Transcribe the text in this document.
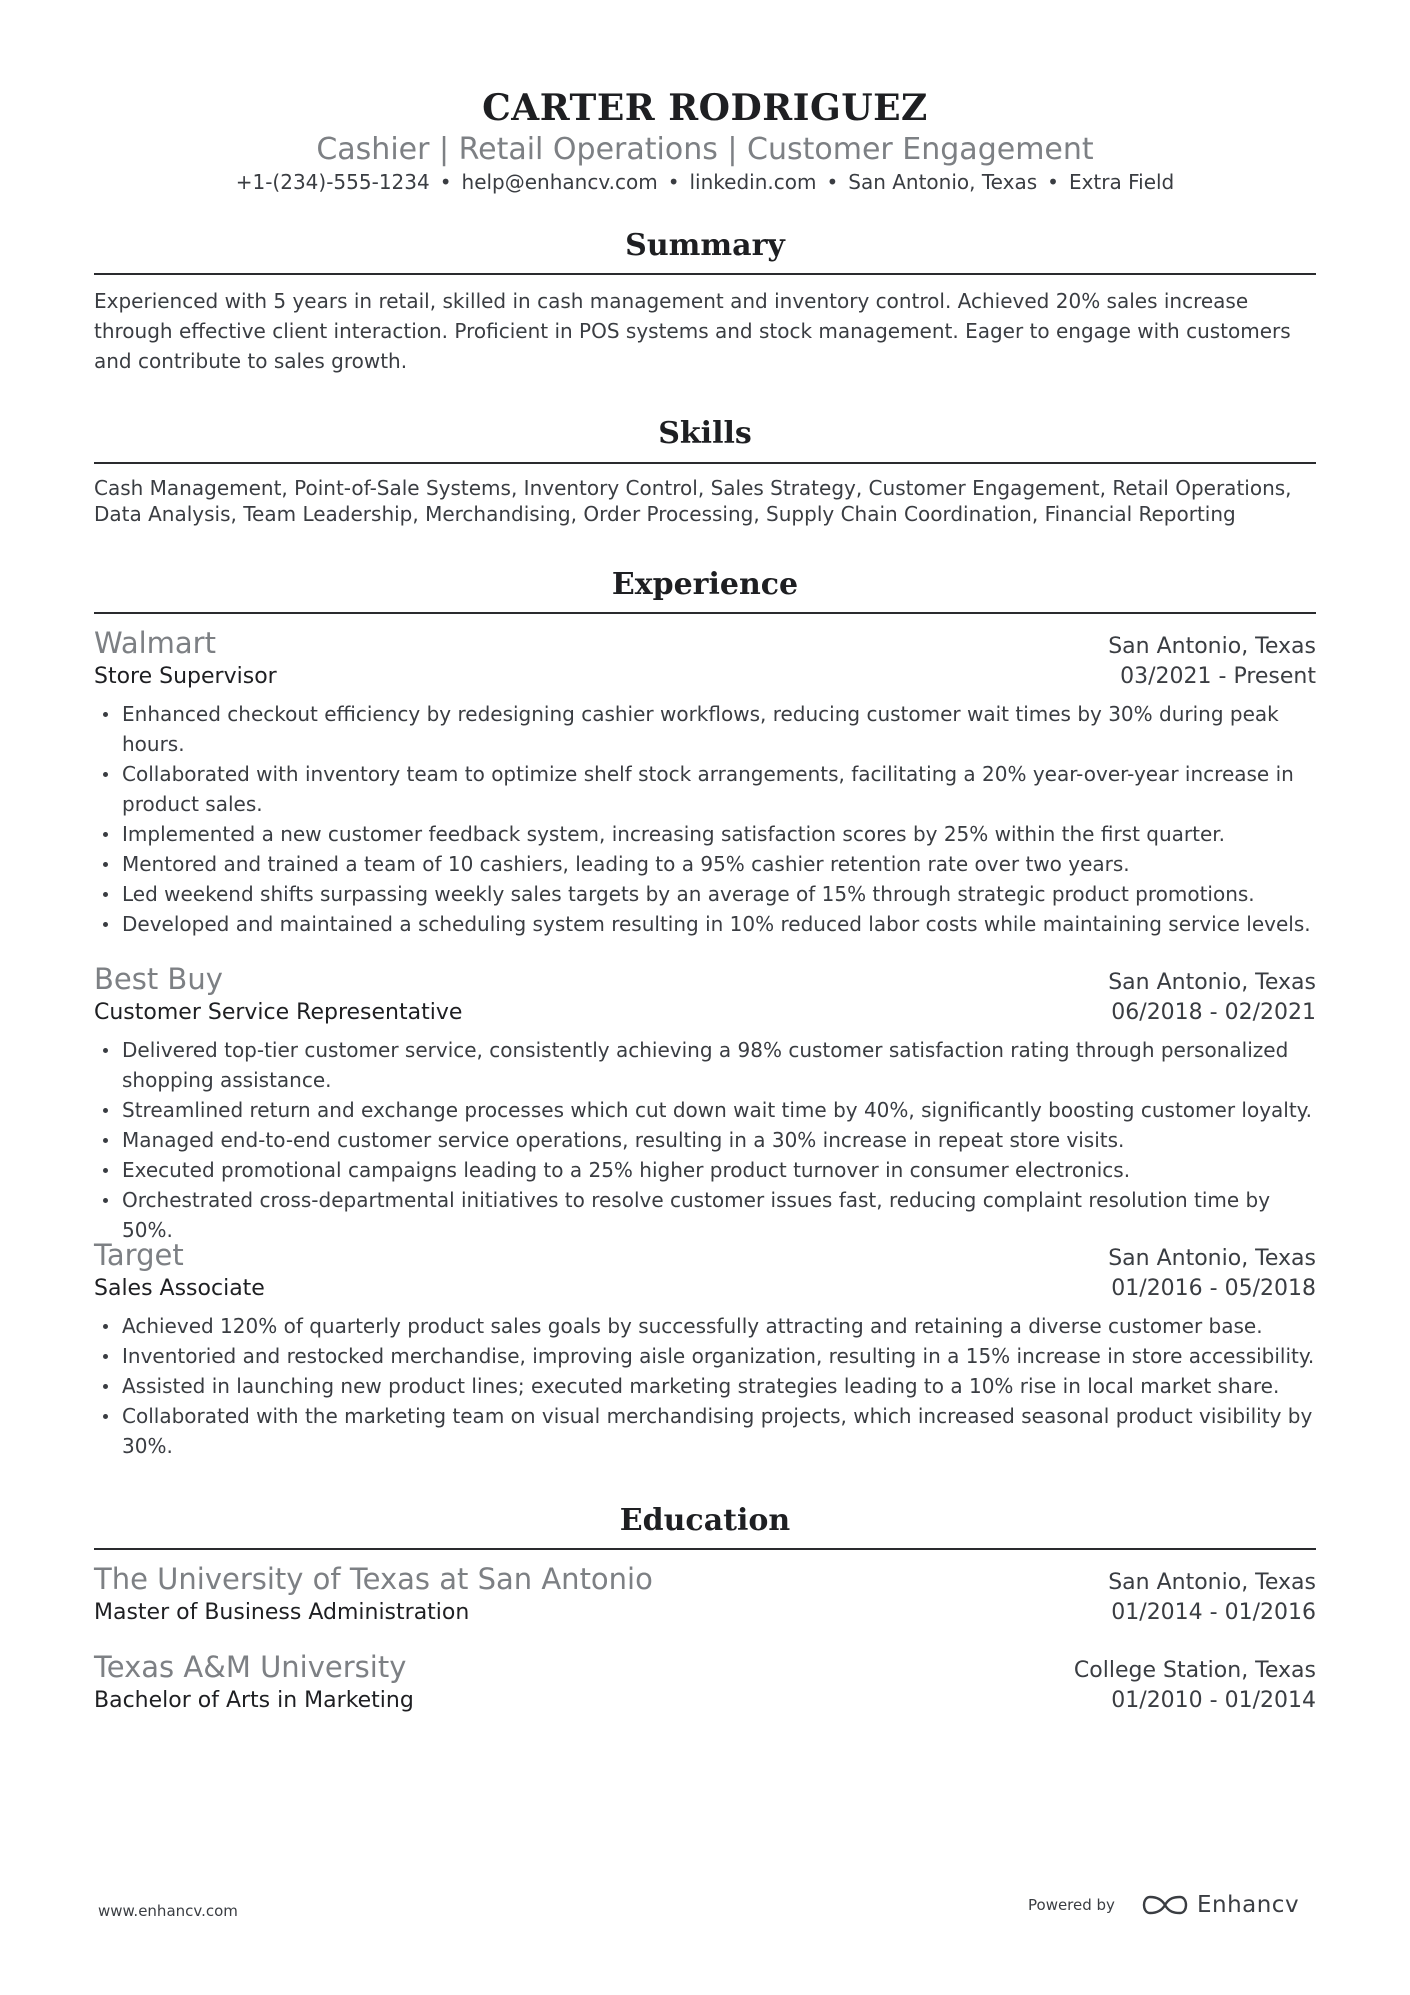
CARTER RODRIGUEZ
Cashier | Retail Operations | Customer Engagement
+1-(234)-555-1234 • help@enhancv.com • linkedin.com • San Antonio, Texas • Extra Field
Summary
Experienced with 5 years in retail, skilled in cash management and inventory control. Achieved 20% sales increase through effective client interaction. Proficient in POS systems and stock management. Eager to engage with customers and contribute to sales growth.
Skills
Cash Management, Point-of-Sale Systems, Inventory Control, Sales Strategy, Customer Engagement, Retail Operations, Data Analysis, Team Leadership, Merchandising, Order Processing, Supply Chain Coordination, Financial Reporting
Experience
Walmart	San Antonio, Texas
Store Supervisor	03/2021 - Present
Enhanced checkout efficiency by redesigning cashier workflows, reducing customer wait times by 30% during peak hours.
Collaborated with inventory team to optimize shelf stock arrangements, facilitating a 20% year-over-year increase in product sales.
Implemented a new customer feedback system, increasing satisfaction scores by 25% within the first quarter.
Mentored and trained a team of 10 cashiers, leading to a 95% cashier retention rate over two years.
Led weekend shifts surpassing weekly sales targets by an average of 15% through strategic product promotions.
Developed and maintained a scheduling system resulting in 10% reduced labor costs while maintaining service levels.
Best Buy	San Antonio, Texas
Customer Service Representative	06/2018 - 02/2021
Delivered top-tier customer service, consistently achieving a 98% customer satisfaction rating through personalized shopping assistance.
Streamlined return and exchange processes which cut down wait time by 40%, significantly boosting customer loyalty.
Managed end-to-end customer service operations, resulting in a 30% increase in repeat store visits.
Executed promotional campaigns leading to a 25% higher product turnover in consumer electronics.
Orchestrated cross-departmental initiatives to resolve customer issues fast, reducing complaint resolution time by 50%.
Target	San Antonio, Texas
Sales Associate	01/2016 - 05/2018
Achieved 120% of quarterly product sales goals by successfully attracting and retaining a diverse customer base.
Inventoried and restocked merchandise, improving aisle organization, resulting in a 15% increase in store accessibility.
Assisted in launching new product lines; executed marketing strategies leading to a 10% rise in local market share.
Collaborated with the marketing team on visual merchandising projects, which increased seasonal product visibility by 30%.
Education
The University of Texas at San Antonio	San Antonio, Texas
Master of Business Administration	01/2014 - 01/2016
Texas A&M University	College Station, Texas
Bachelor of Arts in Marketing	01/2010 - 01/2014
www.enhancv.com	Powered by	Enhancv
